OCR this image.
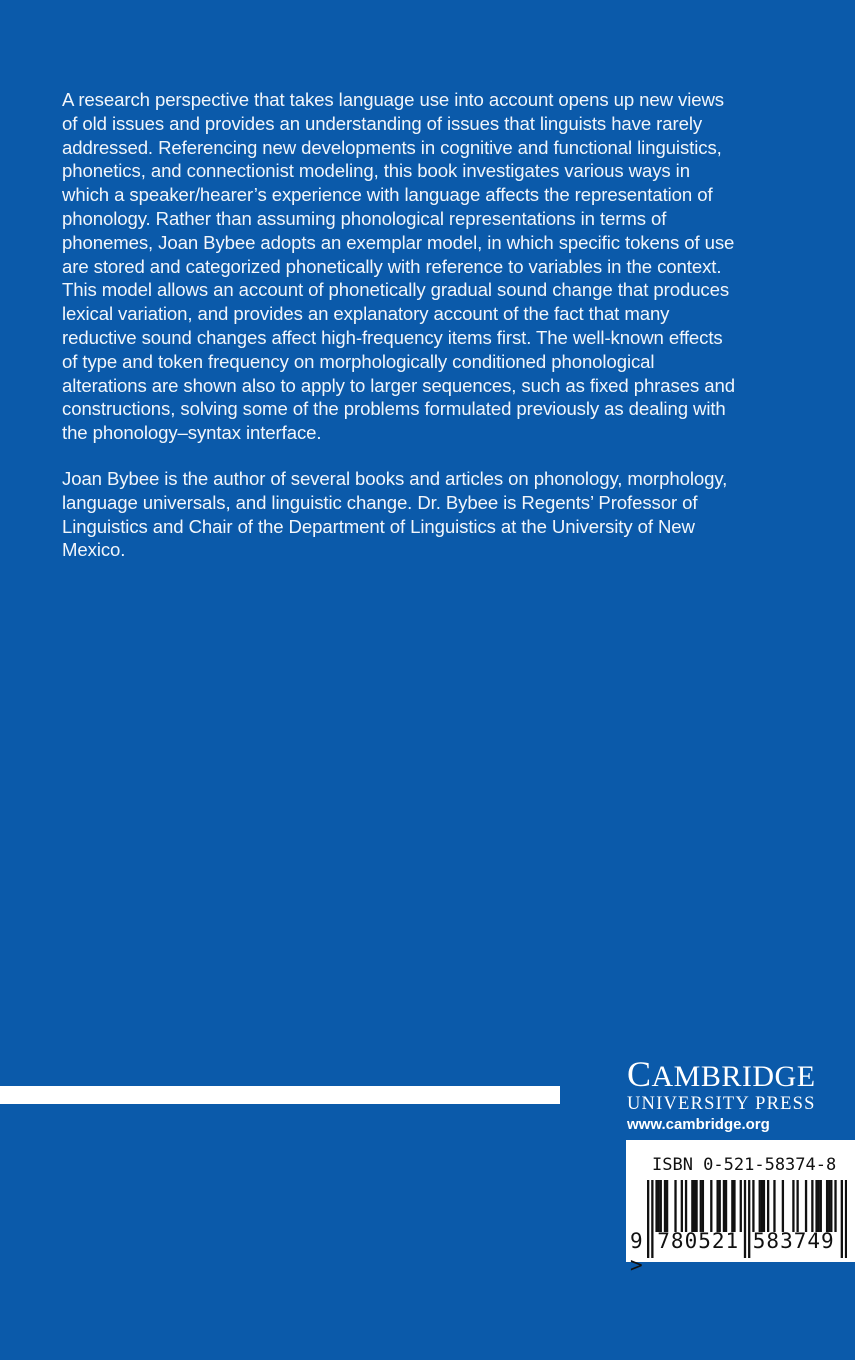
A research perspective that takes language use into account opens up new views
of old issues and provides an understanding of issues that linguists have rarely
addressed. Referencing new developments in cognitive and functional linguistics,
phonetics, and connectionist modeling, this book investigates various ways in
which a speaker/hearer’s experience with language affects the representation of
phonology. Rather than assuming phonological representations in terms of
phonemes, Joan Bybee adopts an exemplar model, in which specific tokens of use
are stored and categorized phonetically with reference to variables in the context.
This model allows an account of phonetically gradual sound change that produces
lexical variation, and provides an explanatory account of the fact that many
reductive sound changes affect high-frequency items first. The well-known effects
of type and token frequency on morphologically conditioned phonological
alterations are shown also to apply to larger sequences, such as fixed phrases and
constructions, solving some of the problems formulated previously as dealing with
the phonology–syntax interface.
Joan Bybee is the author of several books and articles on phonology, morphology,
language universals, and linguistic change. Dr. Bybee is Regents’ Professor of
Linguistics and Chair of the Department of Linguistics at the University of New
Mexico.
CAMBRIDGE
UNIVERSITY PRESS
www.cambridge.org
ISBN 0-521-58374-8
9 780521 583749 >
